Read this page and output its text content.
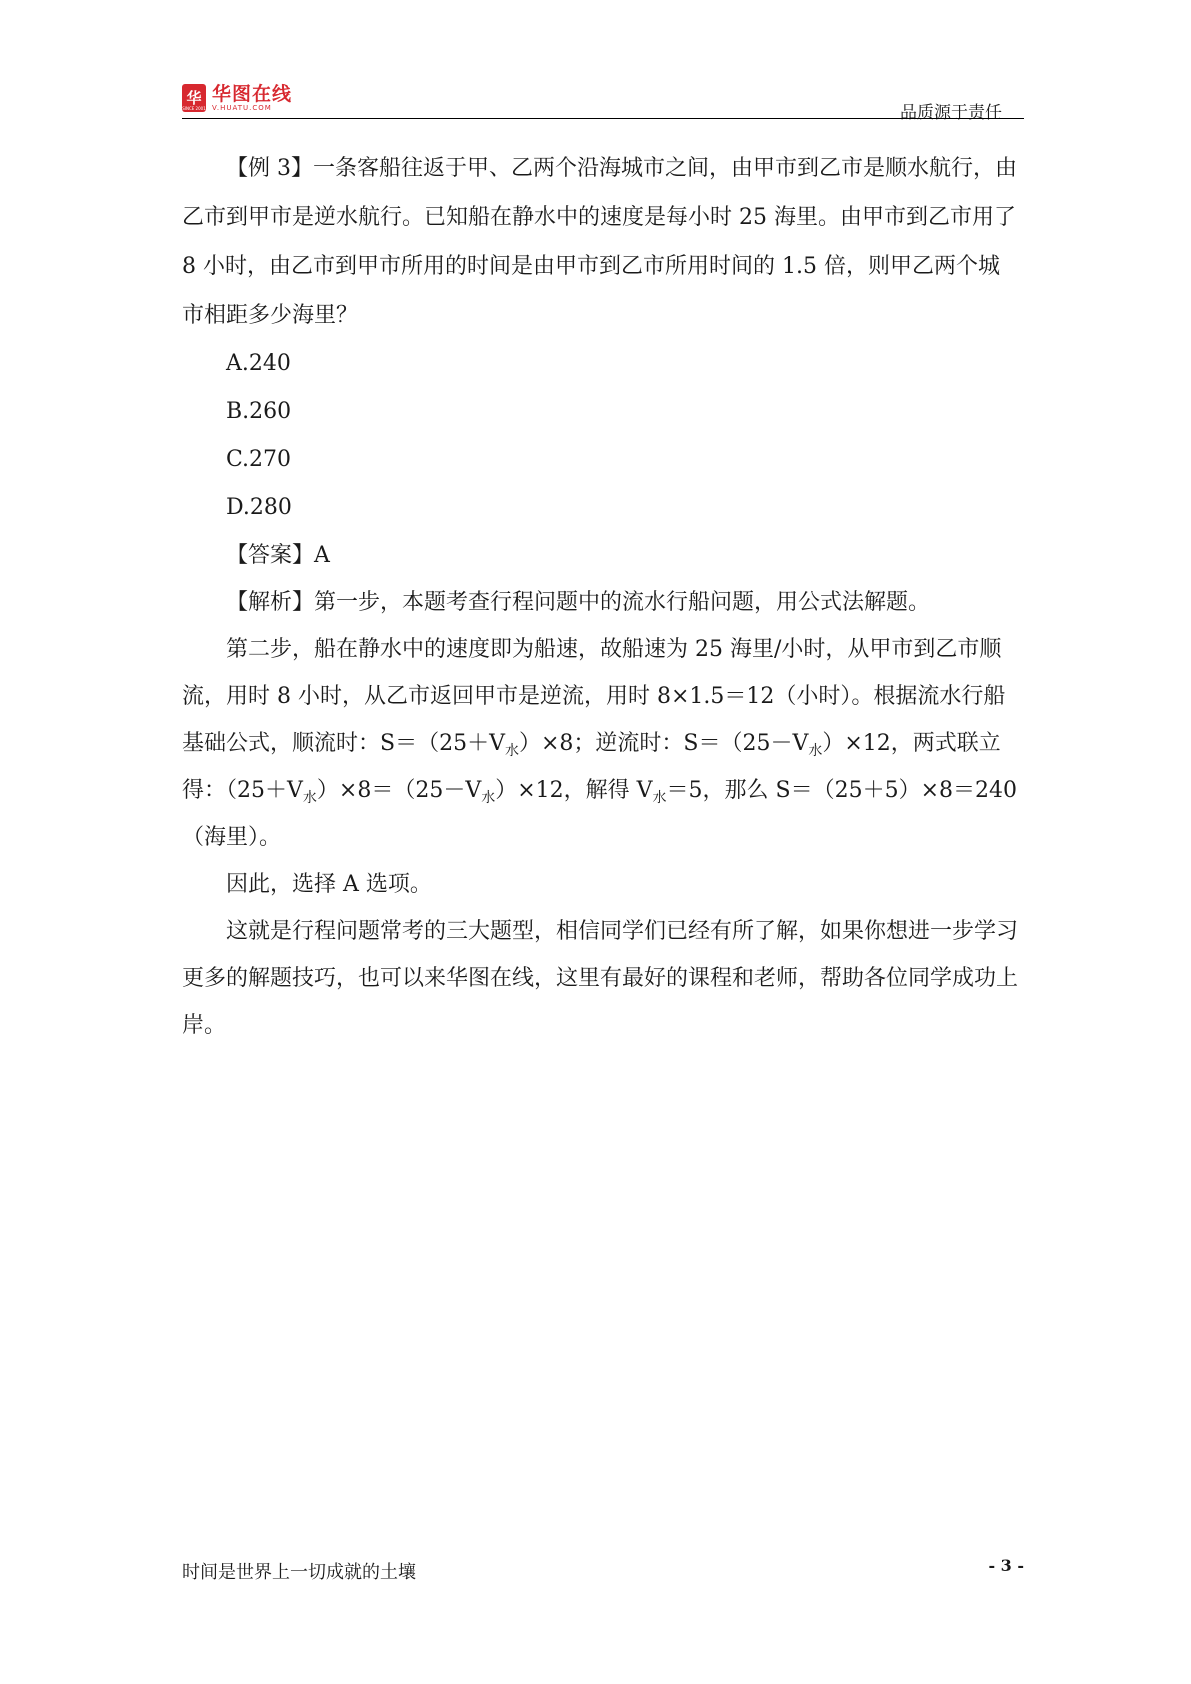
华
SINCE 2001
华图在线
V.HUATU.COM	品质源于责任

【例 3】一条客船往返于甲、乙两个沿海城市之间，由甲市到乙市是顺水航行，由乙市到甲市是逆水航行。已知船在静水中的速度是每小时 25 海里。由甲市到乙市用了 8 小时，由乙市到甲市所用的时间是由甲市到乙市所用时间的 1.5 倍，则甲乙两个城市相距多少海里？

A.240

B.260

C.270

D.280

【答案】A

【解析】第一步，本题考查行程问题中的流水行船问题，用公式法解题。

第二步，船在静水中的速度即为船速，故船速为 25 海里/小时，从甲市到乙市顺流，用时 8 小时，从乙市返回甲市是逆流，用时 8×1.5＝12（小时）。根据流水行船基础公式，顺流时：$S=(25+V_水)\times 8$；逆流时：$S=(25-V_水)\times 12$，两式联立得：$(25+V_水)\times 8=(25-V_水)\times 12$，解得 $V_水=5$，那么 S＝（25＋5）×8＝240（海里）。

因此，选择 A 选项。

这就是行程问题常考的三大题型，相信同学们已经有所了解，如果你想进一步学习更多的解题技巧，也可以来华图在线，这里有最好的课程和老师，帮助各位同学成功上岸。

时间是世界上一切成就的土壤	- 3 -
